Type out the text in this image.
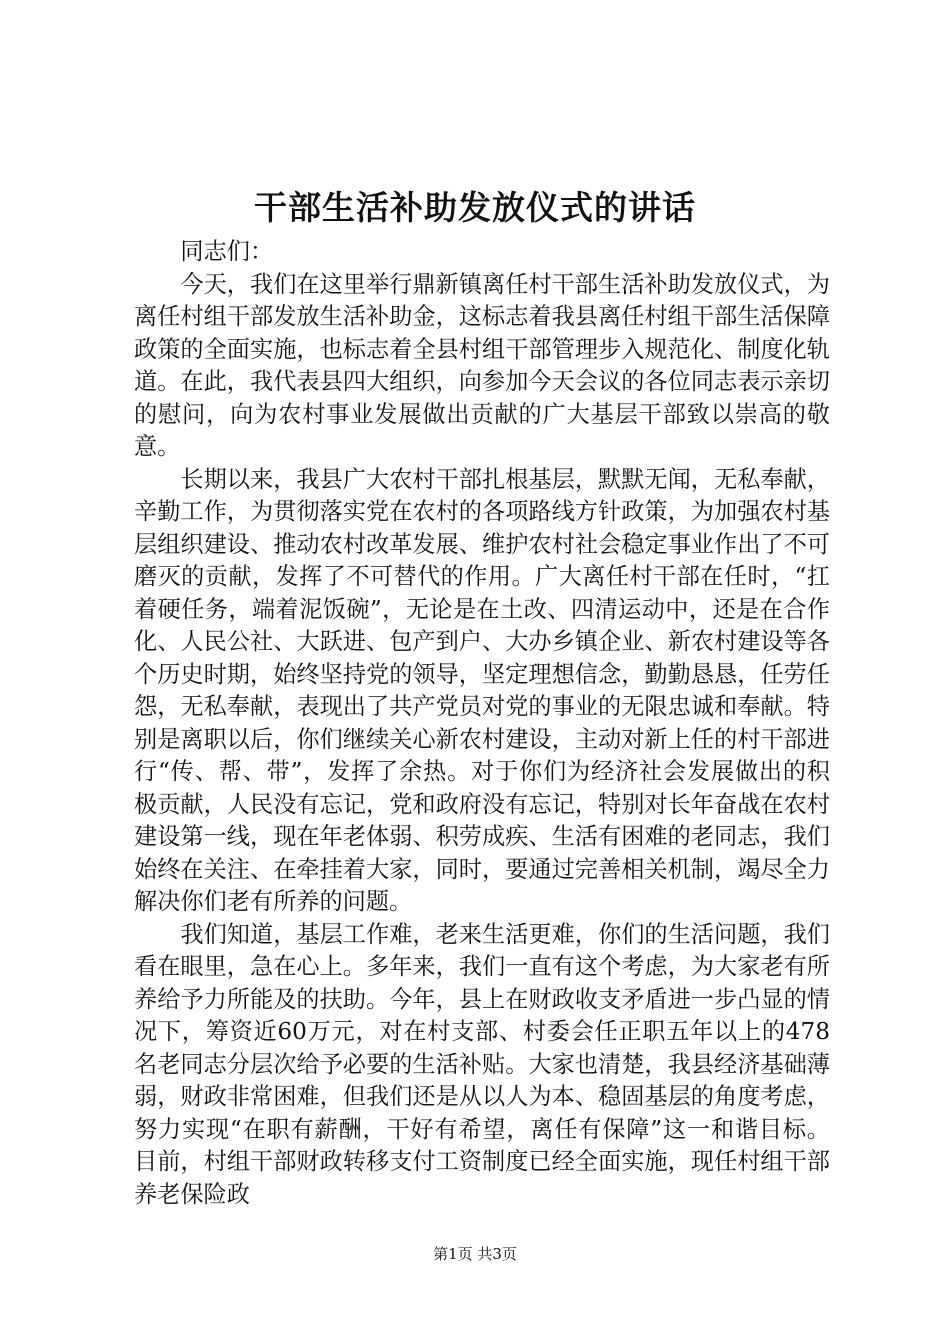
干部生活补助发放仪式的讲话

同志们：

今天，我们在这里举行鼎新镇离任村干部生活补助发放仪式，为离任村组干部发放生活补助金，这标志着我县离任村组干部生活保障政策的全面实施，也标志着全县村组干部管理步入规范化、制度化轨道。在此，我代表县四大组织，向参加今天会议的各位同志表示亲切的慰问，向为农村事业发展做出贡献的广大基层干部致以崇高的敬意。

长期以来，我县广大农村干部扎根基层，默默无闻，无私奉献，辛勤工作，为贯彻落实党在农村的各项路线方针政策，为加强农村基层组织建设、推动农村改革发展、维护农村社会稳定事业作出了不可磨灭的贡献，发挥了不可替代的作用。广大离任村干部在任时，“扛着硬任务，端着泥饭碗”，无论是在土改、四清运动中，还是在合作化、人民公社、大跃进、包产到户、大办乡镇企业、新农村建设等各个历史时期，始终坚持党的领导，坚定理想信念，勤勤恳恳，任劳任怨，无私奉献，表现出了共产党员对党的事业的无限忠诚和奉献。特别是离职以后，你们继续关心新农村建设，主动对新上任的村干部进行“传、帮、带”，发挥了余热。对于你们为经济社会发展做出的积极贡献，人民没有忘记，党和政府没有忘记，特别对长年奋战在农村建设第一线，现在年老体弱、积劳成疾、生活有困难的老同志，我们始终在关注、在牵挂着大家，同时，要通过完善相关机制，竭尽全力解决你们老有所养的问题。

我们知道，基层工作难，老来生活更难，你们的生活问题，我们看在眼里，急在心上。多年来，我们一直有这个考虑，为大家老有所养给予力所能及的扶助。今年，县上在财政收支矛盾进一步凸显的情况下，筹资近60万元，对在村支部、村委会任正职五年以上的478名老同志分层次给予必要的生活补贴。大家也清楚，我县经济基础薄弱，财政非常困难，但我们还是从以人为本、稳固基层的角度考虑，努力实现“在职有薪酬，干好有希望，离任有保障”这一和谐目标。目前，村组干部财政转移支付工资制度已经全面实施，现任村组干部养老保险政

第1页 共3页
